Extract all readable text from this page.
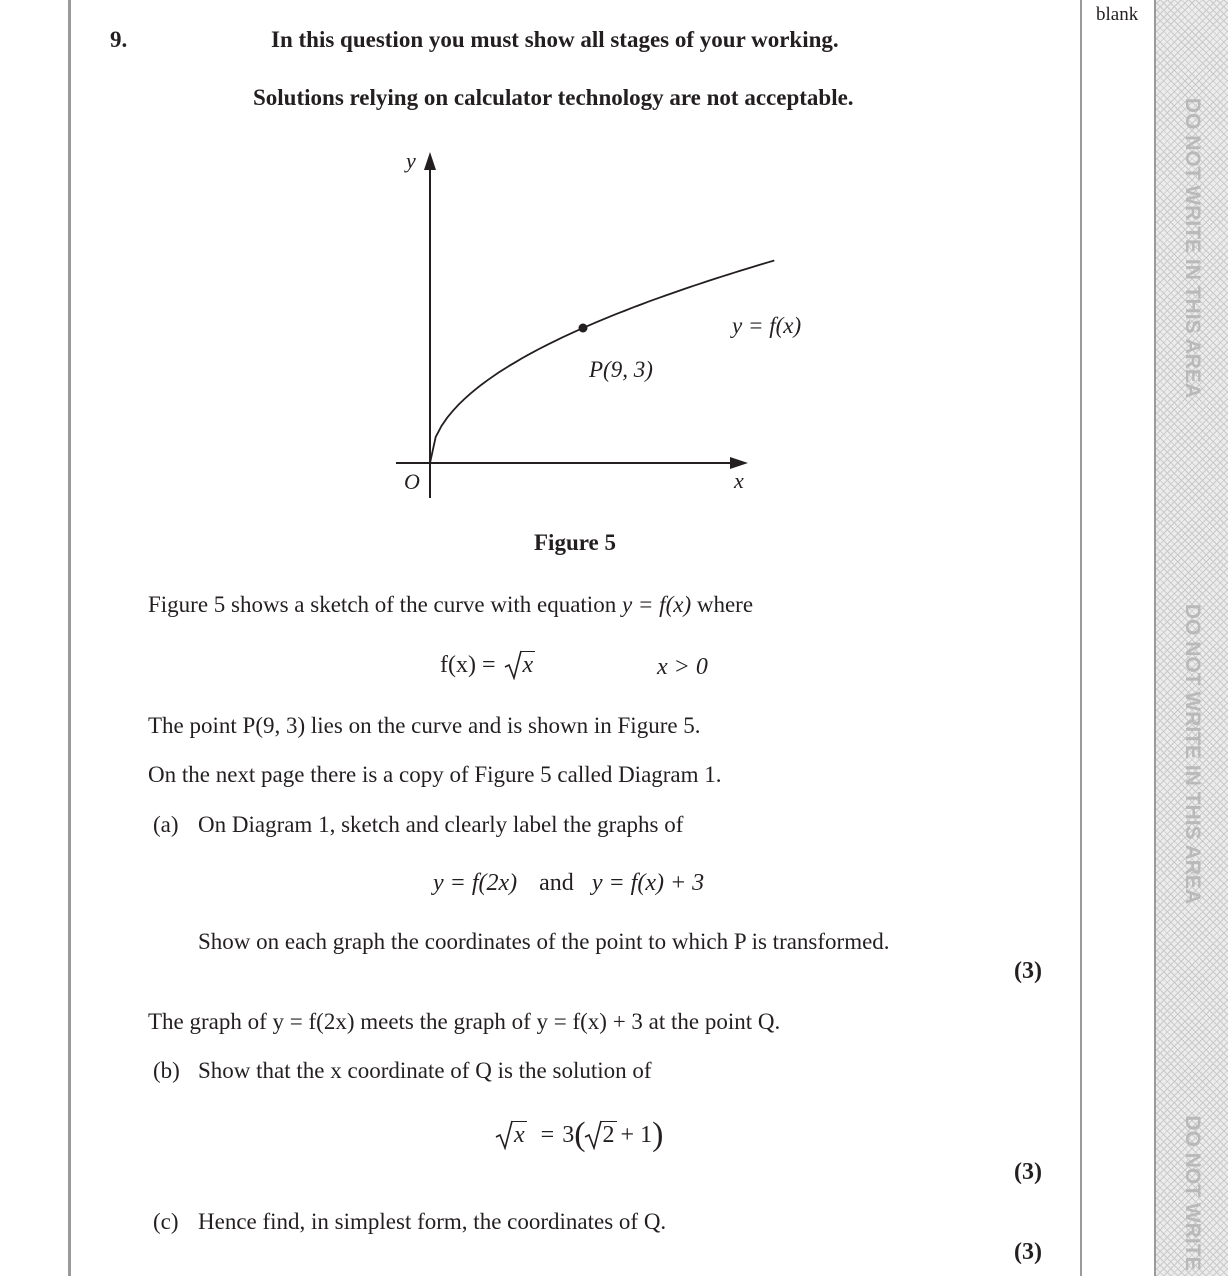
DO NOT WRITE IN THIS AREA
DO NOT WRITE IN THIS AREA
DO NOT WRITE
blank
9.	In this question you must show all stages of your working.
Solutions relying on calculator technology are not acceptable.
y
x
O
P(9, 3)
y = f(x)
Figure 5
Figure 5 shows a sketch of the curve with equation y = f(x) where
f(x) = x	x > 0
The point P(9, 3) lies on the curve and is shown in Figure 5.
On the next page there is a copy of Figure 5 called Diagram 1.
(a) On Diagram 1, sketch and clearly label the graphs of
y = f(2x) and y = f(x) + 3
Show on each graph the coordinates of the point to which P is transformed.
(3)
The graph of y = f(2x) meets the graph of y = f(x) + 3 at the point Q.
(b) Show that the x coordinate of Q is the solution of
x = 3( 2 + 1)
(3)
(c) Hence find, in simplest form, the coordinates of Q.
(3)
